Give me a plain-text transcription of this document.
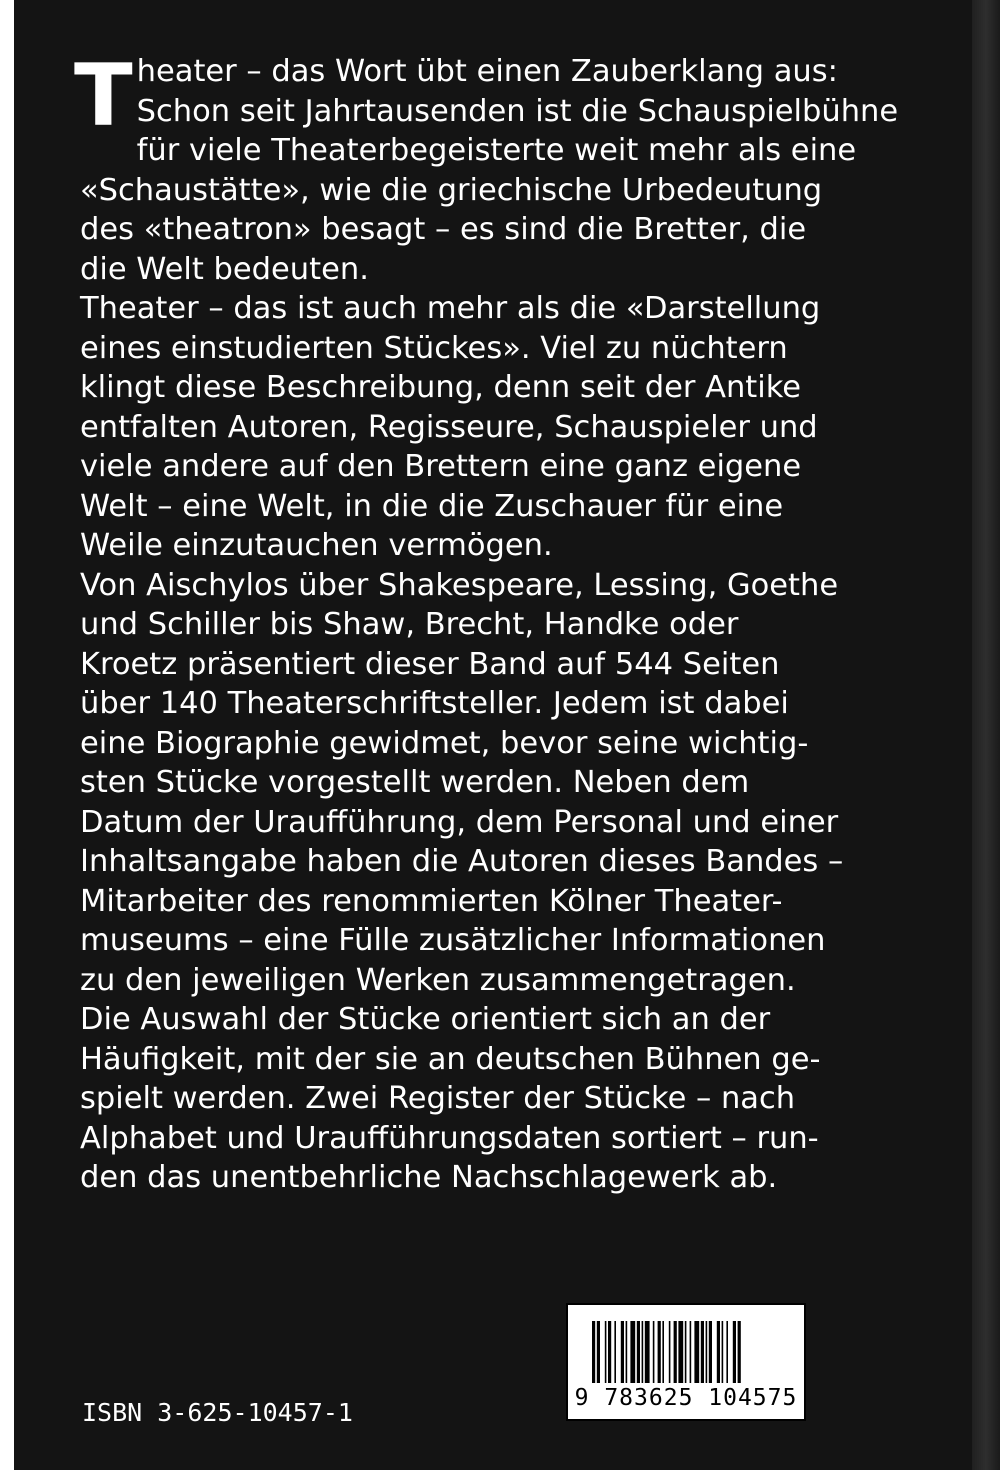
T heater – das Wort übt einen Zauberklang aus:
Schon seit Jahrtausenden ist die Schauspielbühne
für viele Theaterbegeisterte weit mehr als eine
«Schaustätte», wie die griechische Urbedeutung
des «theatron» besagt – es sind die Bretter, die
die Welt bedeuten.
Theater – das ist auch mehr als die «Darstellung
eines einstudierten Stückes». Viel zu nüchtern
klingt diese Beschreibung, denn seit der Antike
entfalten Autoren, Regisseure, Schauspieler und
viele andere auf den Brettern eine ganz eigene
Welt – eine Welt, in die die Zuschauer für eine
Weile einzutauchen vermögen.
Von Aischylos über Shakespeare, Lessing, Goethe
und Schiller bis Shaw, Brecht, Handke oder
Kroetz präsentiert dieser Band auf 544 Seiten
über 140 Theaterschriftsteller. Jedem ist dabei
eine Biographie gewidmet, bevor seine wichtig-
sten Stücke vorgestellt werden. Neben dem
Datum der Uraufführung, dem Personal und einer
Inhaltsangabe haben die Autoren dieses Bandes –
Mitarbeiter des renommierten Kölner Theater-
museums – eine Fülle zusätzlicher Informationen
zu den jeweiligen Werken zusammengetragen.
Die Auswahl der Stücke orientiert sich an der
Häufigkeit, mit der sie an deutschen Bühnen ge-
spielt werden. Zwei Register der Stücke – nach
Alphabet und Uraufführungsdaten sortiert – run-
den das unentbehrliche Nachschlagewerk ab.
ISBN 3-625-10457-1	9 783625 104575
